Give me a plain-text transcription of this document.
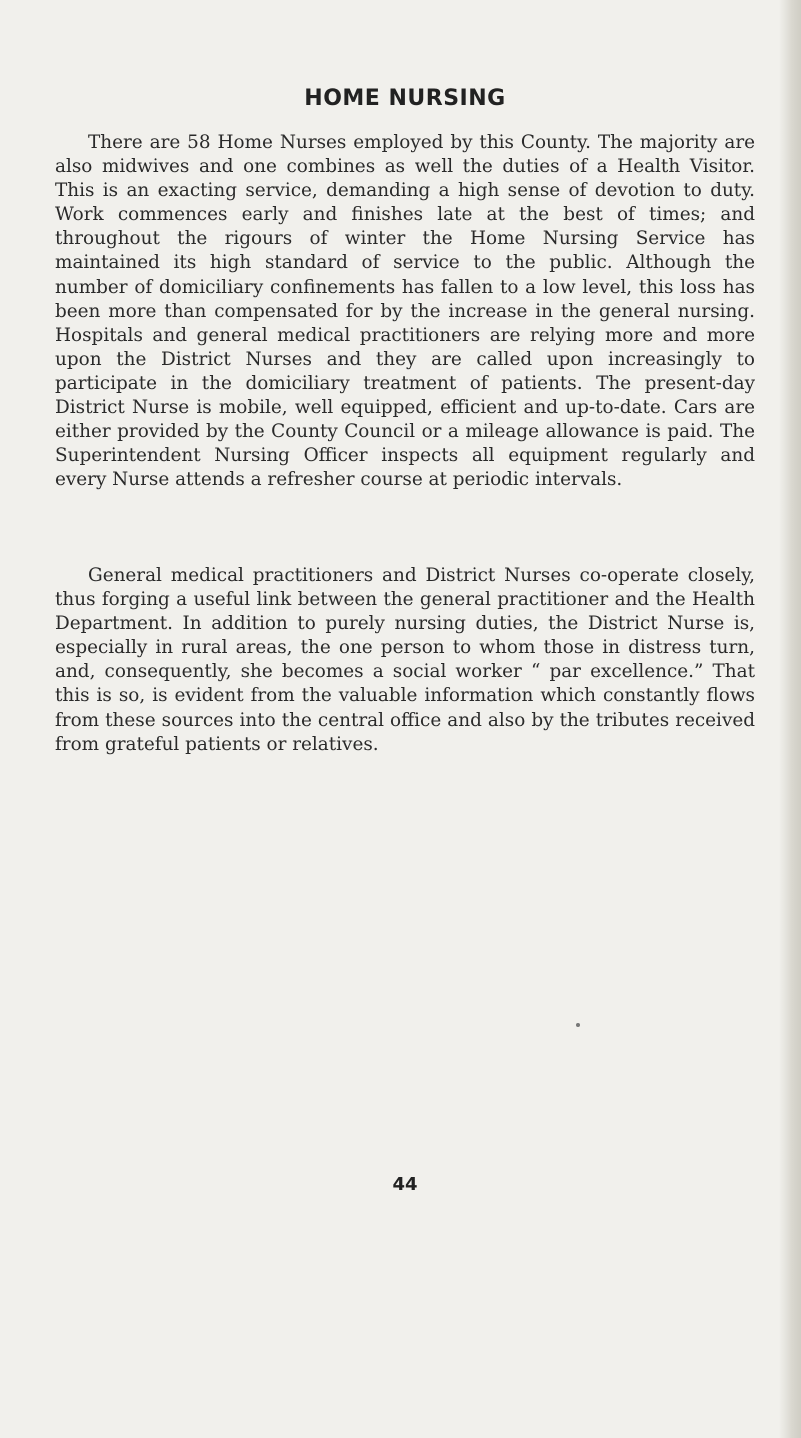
HOME NURSING

There are 58 Home Nurses employed by this County. The majority are also midwives and one combines as well the duties of a Health Visitor. This is an exacting service, demanding a high sense of devotion to duty. Work commences early and finishes late at the best of times; and throughout the rigours of winter the Home Nursing Service has maintained its high standard of service to the public. Although the number of domiciliary confinements has fallen to a low level, this loss has been more than compensated for by the increase in the general nursing. Hospitals and general medical practitioners are relying more and more upon the District Nurses and they are called upon increasingly to participate in the domiciliary treatment of patients. The present-day District Nurse is mobile, well equipped, efficient and up-to-date. Cars are either provided by the County Council or a mileage allowance is paid. The Superintendent Nursing Officer inspects all equipment regularly and every Nurse attends a refresher course at periodic intervals.

General medical practitioners and District Nurses co-operate closely, thus forging a useful link between the general practitioner and the Health Department. In addition to purely nursing duties, the District Nurse is, especially in rural areas, the one person to whom those in distress turn, and, consequently, she becomes a social worker “ par excellence.” That this is so, is evident from the valuable information which constantly flows from these sources into the central office and also by the tributes received from grateful patients or relatives.

44
